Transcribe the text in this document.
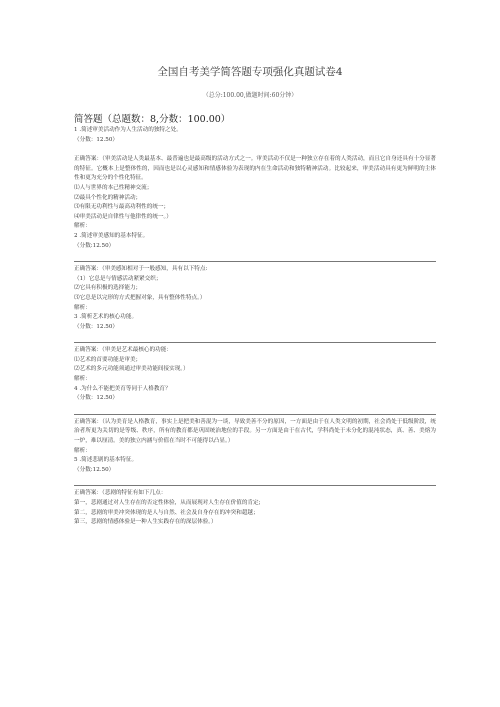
全国自考美学简答题专项强化真题试卷4
（总分:100.00,做题时间:60分钟）
简答题（总题数：8,分数：100.00）

1 .简述审美活动作为人生活动的独特之处。

（分数：12.50）

正确答案：（审美活动是人类最基本、最普遍也是最高级的活动方式之一。审美活动不仅是一种独立存在着的人类活动，而且它自身还具有十分显著的特征。它概本上是整体性的，因而也是以心灵感知和情感体验为表现的内在生命活动和独特精神活动。比较起来，审美活动具有更为鲜明的主体性和更为充分的个性化特征。

⑴人与世界的本己性精神交流；

⑵最具个性化的精神活动；

⑶有限无功利性与最高功利性的统一；

⑷审美活动是自律性与他律性的统一。）

解析：

2 .简述审美感知的基本特征。

（分数:12.50）

正确答案：（审美感知相对于一般感知，具有以下特点:

（1）它总是与情感活动紧紧交织；

⑵它具有积极的选择能力；

⑶它总是以完形的方式把握对象，具有整体性特点。）

解析：

3 .简析艺术的核心功能。

（分数：12.50）

正确答案：（审美是艺术最核心的功能：

⑴艺术的首要功能是审美；

⑵艺术的多元功能须通过审美功能间接实现。）

解析：

4 .为什么不能把美育等同于人格教育？

（分数：12.50）

正确答案：（认为美育是人格教育，事实上是把美和善混为一谈，导致美善不分的原因，一方面是由于在人类文明的初期，社会尚处于低级阶段，统治者所更为关切的是等级、秩序，所有的教育都是巩固统治地位的手段。另一方面是由于在古代，学科尚处于未分化的混沌状态，真、善、美熔为一炉，难以厘清。美的独立内涵与价值在当时不可能得以凸显。）

解析：

5 .简述悲剧的基本特征。

（分数:12.50）

正确答案：（悲剧的特征有如下几点：

第一，悲剧通过对人生存在的否定性体验，从而展现对人生存在价值的肯定;

第二，悲剧的审美冲突体现的是人与自然、社会及自身存在的冲突和超越；

第三，悲剧的情感体验是一种人生实践存在的深层体验。）
